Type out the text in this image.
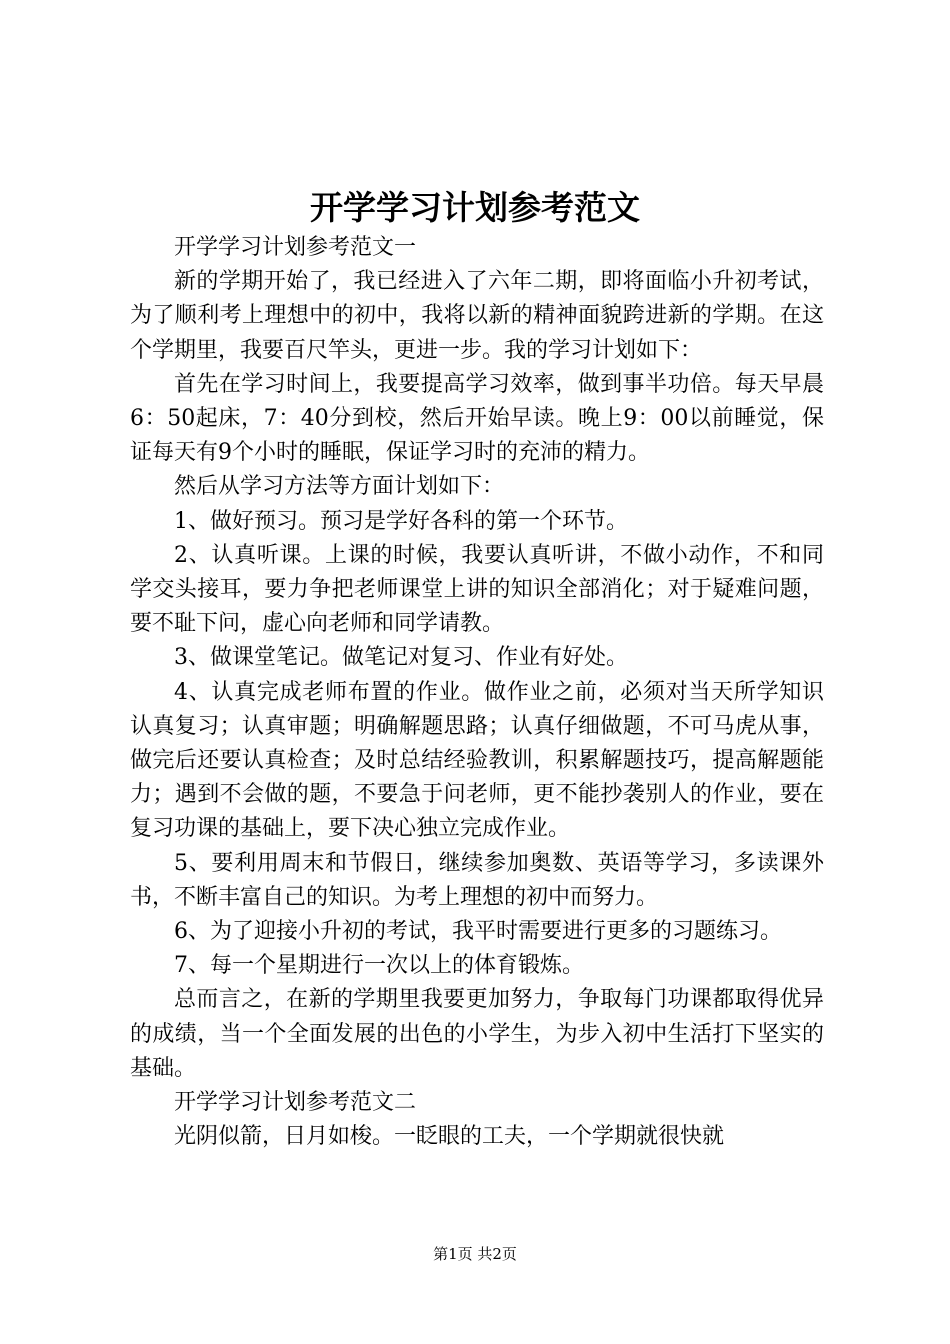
开学学习计划参考范文

开学学习计划参考范文一

新的学期开始了，我已经进入了六年二期，即将面临小升初考试，为了顺利考上理想中的初中，我将以新的精神面貌跨进新的学期。在这个学期里，我要百尺竿头，更进一步。我的学习计划如下：

首先在学习时间上，我要提高学习效率，做到事半功倍。每天早晨6：50起床，7：40分到校，然后开始早读。晚上9：00以前睡觉，保证每天有9个小时的睡眠，保证学习时的充沛的精力。

然后从学习方法等方面计划如下：

1、做好预习。预习是学好各科的第一个环节。

2、认真听课。上课的时候，我要认真听讲，不做小动作，不和同学交头接耳，要力争把老师课堂上讲的知识全部消化；对于疑难问题，要不耻下问，虚心向老师和同学请教。

3、做课堂笔记。做笔记对复习、作业有好处。

4、认真完成老师布置的作业。做作业之前，必须对当天所学知识认真复习；认真审题；明确解题思路；认真仔细做题，不可马虎从事，做完后还要认真检查；及时总结经验教训，积累解题技巧，提高解题能力；遇到不会做的题，不要急于问老师，更不能抄袭别人的作业，要在复习功课的基础上，要下决心独立完成作业。

5、要利用周末和节假日，继续参加奥数、英语等学习，多读课外书，不断丰富自己的知识。为考上理想的初中而努力。

6、为了迎接小升初的考试，我平时需要进行更多的习题练习。

7、每一个星期进行一次以上的体育锻炼。

总而言之，在新的学期里我要更加努力，争取每门功课都取得优异的成绩，当一个全面发展的出色的小学生，为步入初中生活打下坚实的基础。

开学学习计划参考范文二

光阴似箭，日月如梭。一眨眼的工夫，一个学期就很快就

第1页 共2页
